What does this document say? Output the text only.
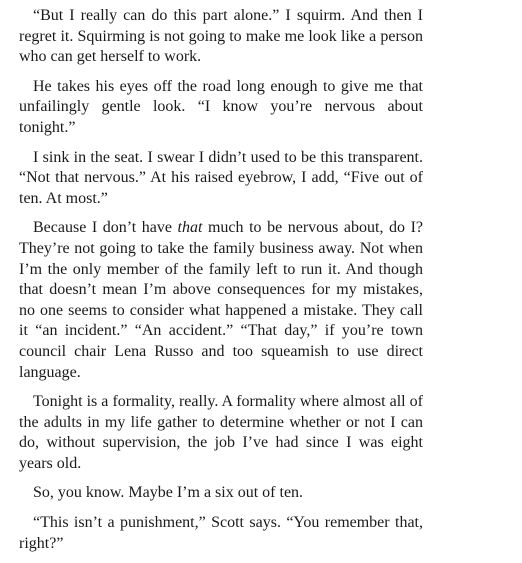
“But I really can do this part alone.” I squirm. And then I regret it. Squirming is not going to make me look like a person who can get herself to work.

He takes his eyes off the road long enough to give me that unfailingly gentle look. “I know you’re nervous about tonight.”

I sink in the seat. I swear I didn’t used to be this transparent. “Not that nervous.” At his raised eyebrow, I add, “Five out of ten. At most.”

Because I don’t have that much to be nervous about, do I? They’re not going to take the family business away. Not when I’m the only member of the family left to run it. And though that doesn’t mean I’m above consequences for my mistakes, no one seems to consider what happened a mistake. They call it “an incident.” “An accident.” “That day,” if you’re town council chair Lena Russo and too squeamish to use direct language.

Tonight is a formality, really. A formality where almost all of the adults in my life gather to determine whether or not I can do, without supervision, the job I’ve had since I was eight years old.

So, you know. Maybe I’m a six out of ten.

“This isn’t a punishment,” Scott says. “You remember that, right?”
